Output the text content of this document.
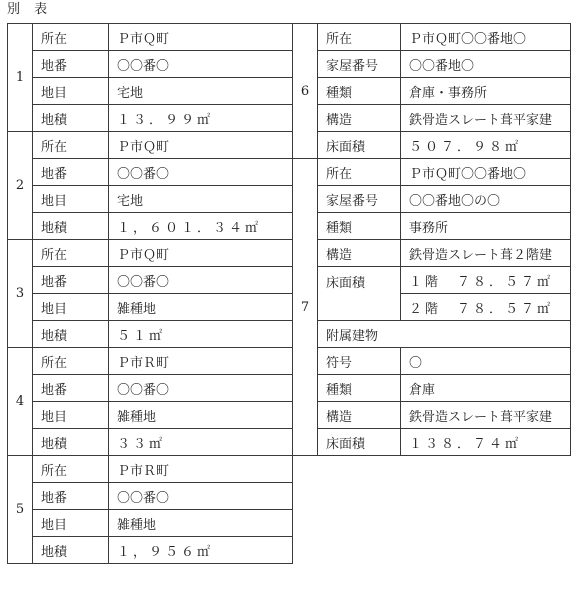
別 表
1	所在	Ｐ市Ｑ町
	地番	〇〇番〇
	地目	宅地
	地積	１３．９９㎡
2	所在	Ｐ市Ｑ町
	地番	〇〇番〇
	地目	宅地
	地積	１，６０１．３４㎡
3	所在	Ｐ市Ｑ町
	地番	〇〇番〇
	地目	雑種地
	地積	５１㎡
4	所在	Ｐ市Ｒ町
	地番	〇〇番〇
	地目	雑種地
	地積	３３㎡
5	所在	Ｐ市Ｒ町
	地番	〇〇番〇
	地目	雑種地
	地積	１，９５６㎡
6	所在	Ｐ市Ｑ町〇〇番地〇
	家屋番号	〇〇番地〇
	種類	倉庫・事務所
	構造	鉄骨造スレート葺平家建
	床面積	５０７．９８㎡
7	所在	Ｐ市Ｑ町〇〇番地〇
	家屋番号	〇〇番地〇の〇
	種類	事務所
	構造	鉄骨造スレート葺２階建
	床面積	１階　７８．５７㎡
		２階　７８．５７㎡
	附属建物	
	符号	〇
	種類	倉庫
	構造	鉄骨造スレート葺平家建
	床面積	１３８．７４㎡
